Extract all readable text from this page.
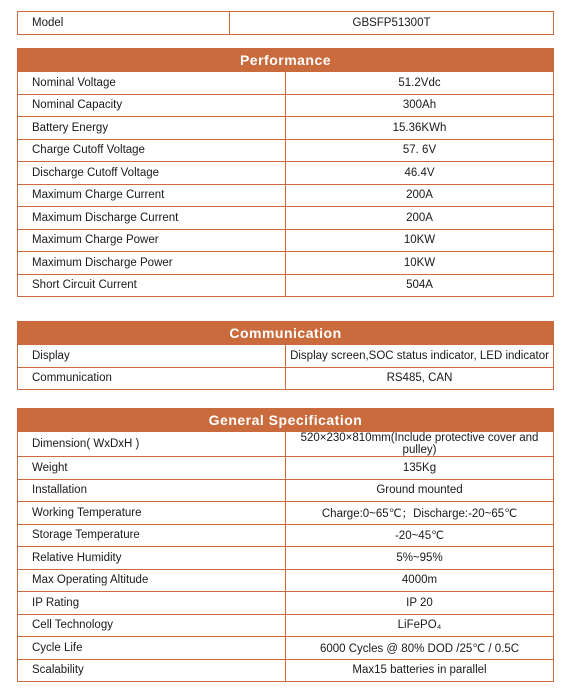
Model	GBSFP51300T
Performance	
Nominal Voltage	51.2Vdc
Nominal Capacity	300Ah
Battery Energy	15.36KWh
Charge Cutoff Voltage	57. 6V
Discharge Cutoff Voltage	46.4V
Maximum Charge Current	200A
Maximum Discharge Current	200A
Maximum Charge Power	10KW
Maximum Discharge Power	10KW
Short Circuit Current	504A
Communication	
Display	Display screen,SOC status indicator, LED indicator
Communication	RS485, CAN
General Specification	
Dimension( WxDxH )	520×230×810mm(Include protective cover and pulley)
Weight	135Kg
Installation	Ground mounted
Working Temperature	Charge:0~65℃；Discharge:-20~65℃
Storage Temperature	-20~45℃
Relative Humidity	5%~95%
Max Operating Altitude	4000m
IP Rating	IP 20
Cell Technology	LiFePO₄
Cycle Life	6000 Cycles @ 80% DOD /25℃ / 0.5C
Scalability	Max15 batteries in parallel
